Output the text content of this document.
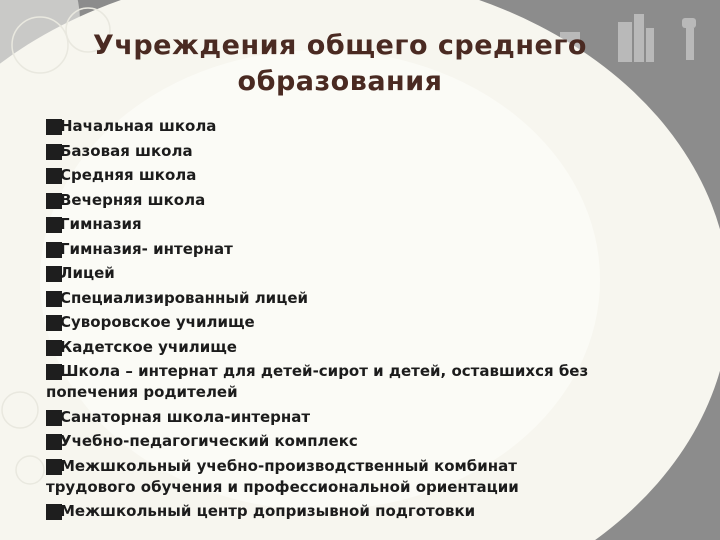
Учреждения общего среднего
образования
Начальная школа
Базовая школа
Средняя школа
Вечерняя школа
Гимназия
Гимназия- интернат
Лицей
Специализированный лицей
Суворовское училище
Кадетское училище
Школа – интернат для детей-сирот и детей, оставшихся без
попечения родителей
Санаторная школа-интернат
Учебно-педагогический комплекс
Межшкольный учебно-производственный комбинат
трудового обучения и профессиональной ориентации
Межшкольный центр допризывной подготовки
